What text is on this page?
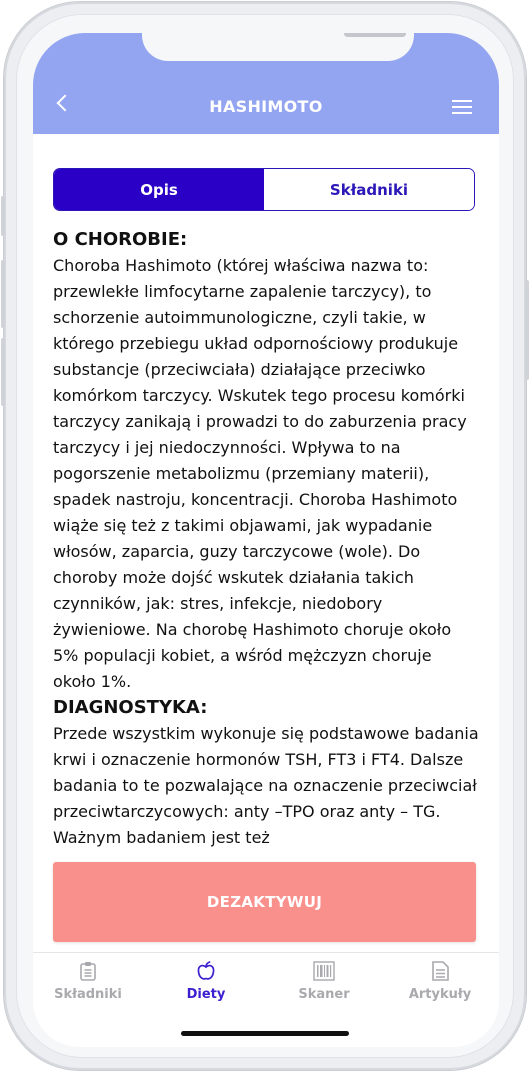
HASHIMOTO
Opis	Składniki
O CHOROBIE:

Choroba Hashimoto (której właściwa nazwa to: przewlekłe limfocytarne zapalenie tarczycy), to schorzenie autoimmunologiczne, czyli takie, w którego przebiegu układ odpornościowy produkuje substancje (przeciwciała) działające przeciwko komórkom tarczycy. Wskutek tego procesu komórki tarczycy zanikają i prowadzi to do zaburzenia pracy tarczycy i jej niedoczynności. Wpływa to na pogorszenie metabolizmu (przemiany materii), spadek nastroju, koncentracji. Choroba Hashimoto wiąże się też z takimi objawami, jak wypadanie włosów, zaparcia, guzy tarczycowe (wole). Do choroby może dojść wskutek działania takich czynników, jak: stres, infekcje, niedobory żywieniowe. Na chorobę Hashimoto choruje około 5% populacji kobiet, a wśród mężczyzn choruje około 1%.

DIAGNOSTYKA:

Przede wszystkim wykonuje się podstawowe badania krwi i oznaczenie hormonów TSH, FT3 i FT4. Dalsze badania to te pozwalające na oznaczenie przeciwciał przeciwtarczycowych: anty –TPO oraz anty – TG. Ważnym badaniem jest też

DEZAKTYWUJ
Składniki	Diety	Skaner	Artykuły
